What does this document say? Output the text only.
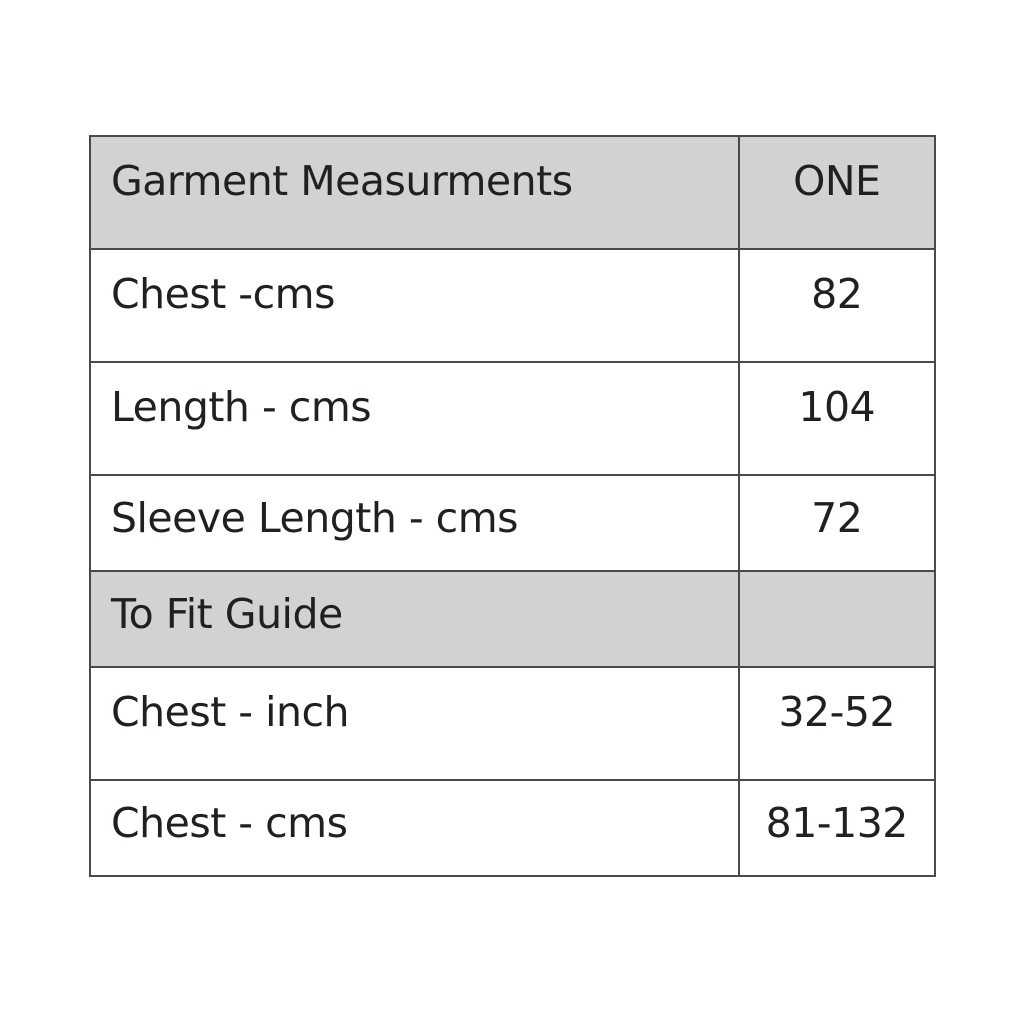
Garment Measurments	ONE

Chest -cms	82

Length - cms	104

Sleeve Length - cms	72

To Fit Guide	

Chest - inch	32-52

Chest - cms	81-132
